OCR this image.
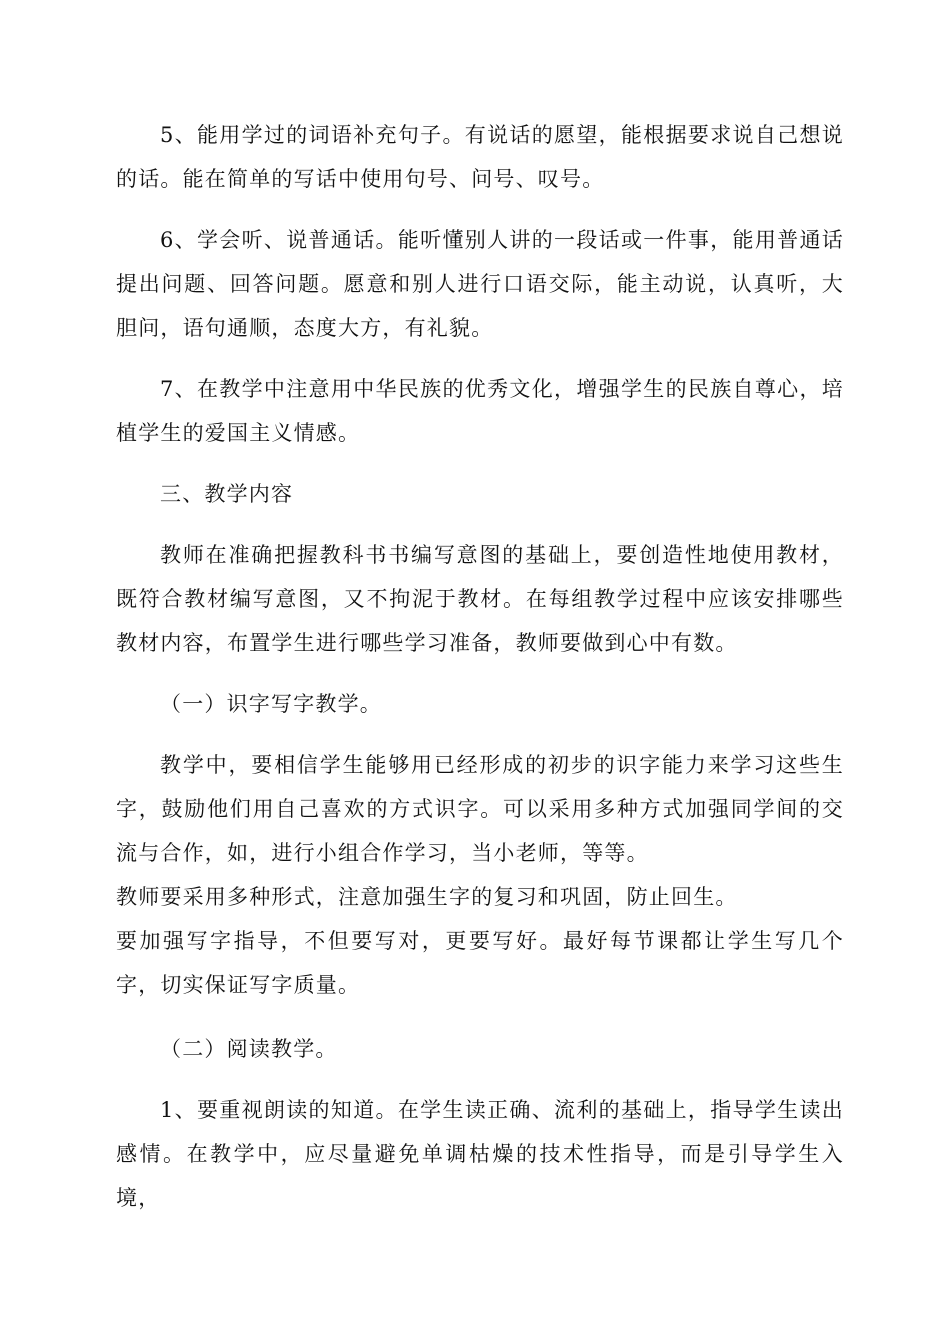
5、能用学过的词语补充句子。有说话的愿望，能根据要求说自己想说的话。能在简单的写话中使用句号、问号、叹号。

6、学会听、说普通话。能听懂别人讲的一段话或一件事，能用普通话提出问题、回答问题。愿意和别人进行口语交际，能主动说，认真听，大胆问，语句通顺，态度大方，有礼貌。

7、在教学中注意用中华民族的优秀文化，增强学生的民族自尊心，培植学生的爱国主义情感。

三、教学内容

教师在准确把握教科书书编写意图的基础上，要创造性地使用教材，既符合教材编写意图，又不拘泥于教材。在每组教学过程中应该安排哪些教材内容，布置学生进行哪些学习准备，教师要做到心中有数。

（一）识字写字教学。

教学中，要相信学生能够用已经形成的初步的识字能力来学习这些生字，鼓励他们用自己喜欢的方式识字。可以采用多种方式加强同学间的交流与合作，如，进行小组合作学习，当小老师，等等。

教师要采用多种形式，注意加强生字的复习和巩固，防止回生。

要加强写字指导，不但要写对，更要写好。最好每节课都让学生写几个字，切实保证写字质量。

（二）阅读教学。

1、要重视朗读的知道。在学生读正确、流利的基础上，指导学生读出感情。在教学中，应尽量避免单调枯燥的技术性指导，而是引导学生入境，
